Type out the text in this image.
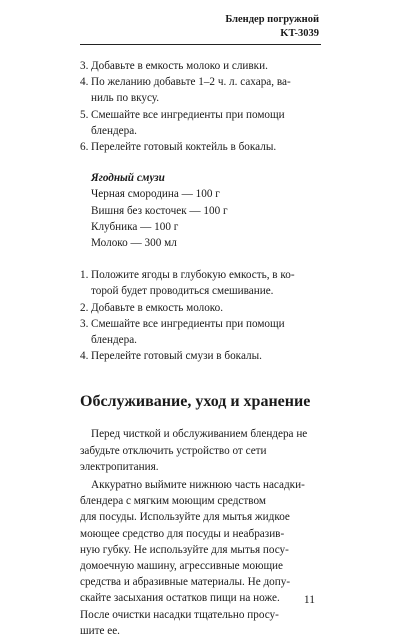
Блендер погружной
KT-3039
3. Добавьте в емкость молоко и сливки.
4. По желанию добавьте 1–2 ч. л. сахара, ва-
ниль по вкусу.
5. Смешайте все ингредиенты при помощи
блендера.
6. Перелейте готовый коктейль в бокалы.
Ягодный смузи
Черная смородина — 100 г
Вишня без косточек — 100 г
Клубника — 100 г
Молоко — 300 мл
1. Положите ягоды в глубокую емкость, в ко-
торой будет проводиться смешивание.
2. Добавьте в емкость молоко.
3. Смешайте все ингредиенты при помощи
блендера.
4. Перелейте готовый смузи в бокалы.
Обслуживание, уход и хранение

Перед чисткой и обслуживанием блендера не забудьте отключить устройство от сети
электропитания.

Аккуратно выймите нижнюю часть насадки-блендера с мягким моющим средством
для посуды. Используйте для мытья жидкое
моющее средство для посуды и неабразив-
ную губку. Не используйте для мытья посу-
домоечную машину, агрессивные моющие
средства и абразивные материалы. Не допу-
скайте засыхания остатков пищи на ноже.
После очистки насадки тщательно просу-
шите ее.

11
